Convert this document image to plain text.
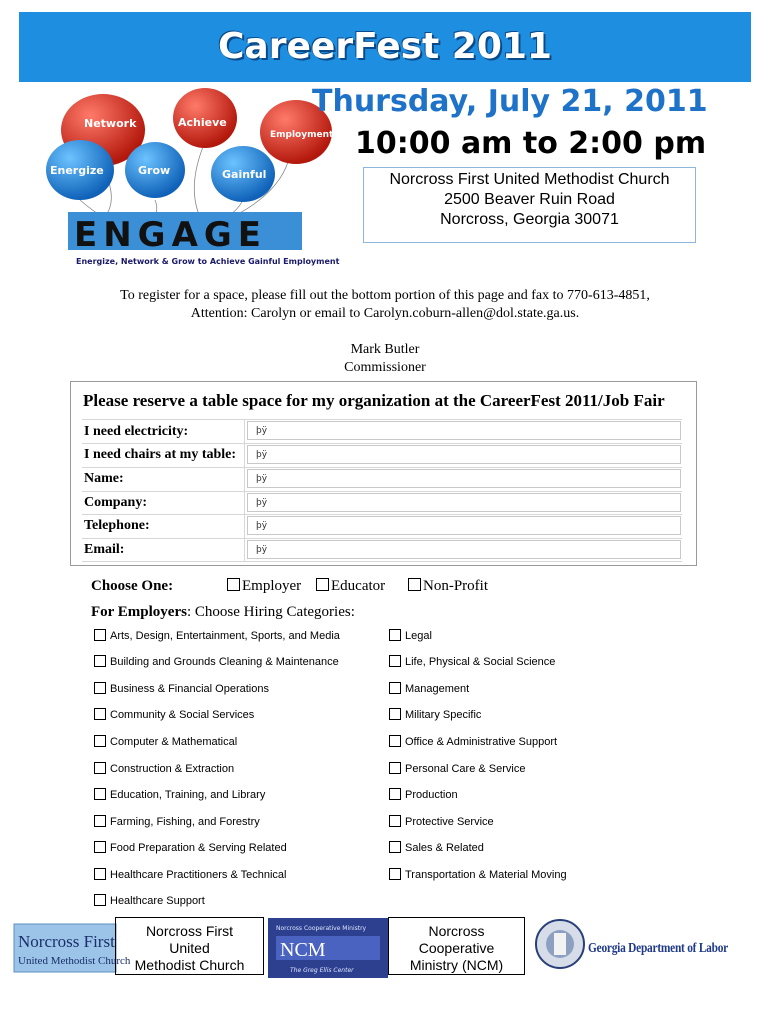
CareerFest 2011
Network	Achieve
Employment
Energize	Grow	Gainful
ENGAGE
Energize, Network & Grow to Achieve Gainful Employment
Thursday, July 21, 2011
10:00 am to 2:00 pm
Norcross First United Methodist Church
2500 Beaver Ruin Road
Norcross, Georgia 30071
To register for a space, please fill out the bottom portion of this page and fax to 770-613-4851,
Attention: Carolyn or email to Carolyn.coburn-allen@dol.state.ga.us.
Mark Butler
Commissioner
Please reserve a table space for my organization at the CareerFest 2011/Job Fair
I need electricity:	þÿ
I need chairs at my table:	þÿ
Name:	þÿ
Company:	þÿ
Telephone:	þÿ
Email:	þÿ
Choose One:	Employer	Educator	Non-Profit
For Employers: Choose Hiring Categories:
Arts, Design, Entertainment, Sports, and Media
Building and Grounds Cleaning & Maintenance
Business & Financial Operations
Community & Social Services
Computer & Mathematical
Construction & Extraction
Education, Training, and Library
Farming, Fishing, and Forestry
Food Preparation & Serving Related
Healthcare Practitioners & Technical
Healthcare Support
Legal
Life, Physical & Social Science
Management
Military Specific
Office & Administrative Support
Personal Care & Service
Production
Protective Service
Sales & Related
Transportation & Material Moving
Norcross First
United Methodist Church
Norcross First
United
Methodist Church
Norcross Cooperative Ministry
NCM
The Greg Ellis Center
Norcross
Cooperative
Ministry (NCM)
Georgia Department of Labor
